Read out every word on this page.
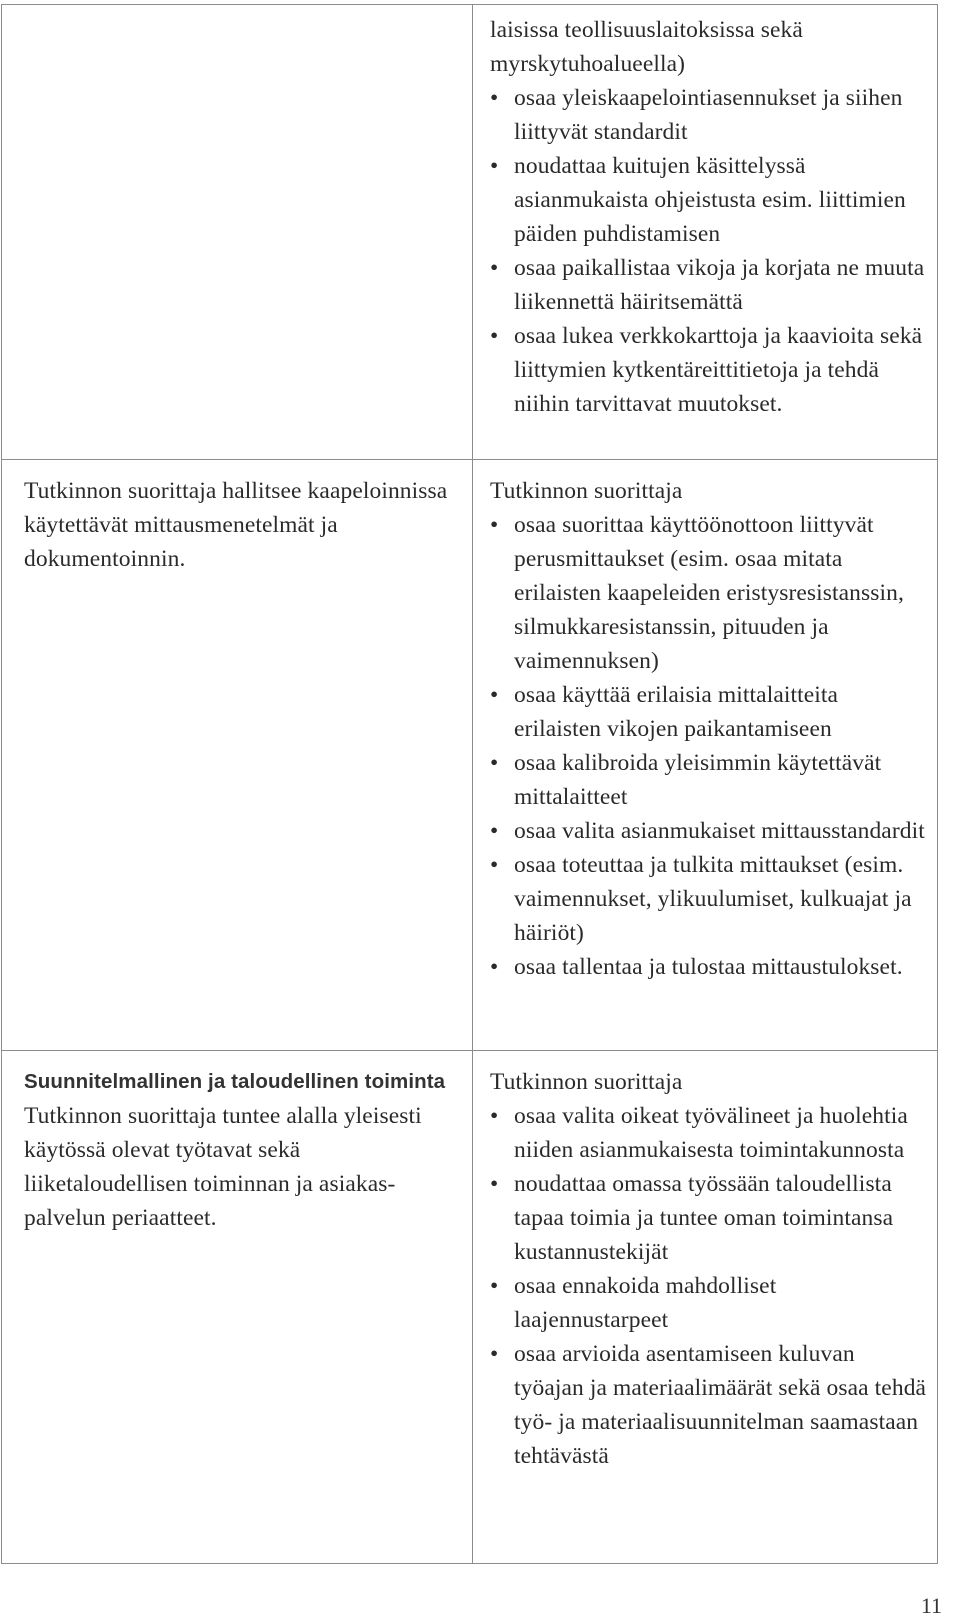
laisissa teollisuuslaitoksissa sekä

myrskytuhoalueella)

• osaa yleiskaapelointiasennukset ja siihen liittyvät standardit
• noudattaa kuitujen käsittelyssä asianmukaista ohjeistusta esim. liittimien päiden puhdistamisen
• osaa paikallistaa vikoja ja korjata ne muuta liikennettä häiritsemättä
• osaa lukea verkkokarttoja ja kaavioita sekä liittymien kytkentäreittitietoja ja tehdä niihin tarvittavat muutokset.

Tutkinnon suorittaja hallitsee kaapeloinnissa käytettävät mittausmenetelmät ja dokumentoinnin.

Tutkinnon suorittaja

• osaa suorittaa käyttöönottoon liittyvät perusmittaukset (esim. osaa mitata erilaisten kaapeleiden eristysresistanssin, silmukkaresistanssin, pituuden ja vaimennuksen)
• osaa käyttää erilaisia mittalaitteita erilaisten vikojen paikantamiseen
• osaa kalibroida yleisimmin käytettävät mittalaitteet
• osaa valita asianmukaiset mittausstandardit
• osaa toteuttaa ja tulkita mittaukset (esim. vaimennukset, ylikuulumiset, kulkuajat ja häiriöt)
• osaa tallentaa ja tulostaa mittaustulokset.

Suunnitelmallinen ja taloudellinen toiminta

Tutkinnon suorittaja tuntee alalla yleisesti käytössä olevat työtavat sekä liiketaloudellisen toiminnan ja asiakaspalvelun periaatteet.

Tutkinnon suorittaja

• osaa valita oikeat työvälineet ja huolehtia niiden asianmukaisesta toimintakunnosta
• noudattaa omassa työssään taloudellista tapaa toimia ja tuntee oman toimintansa kustannustekijät
• osaa ennakoida mahdolliset laajennustarpeet
• osaa arvioida asentamiseen kuluvan työajan ja materiaalimäärät sekä osaa tehdä työ- ja materiaalisuunnitelman saamastaan tehtävästä
11
